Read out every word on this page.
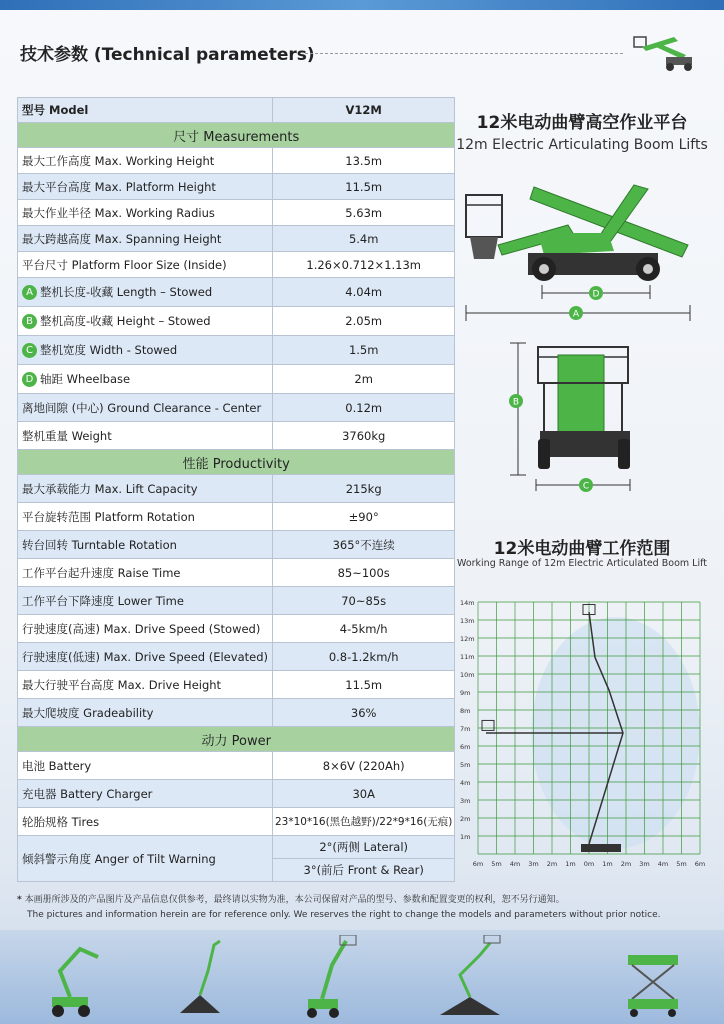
技术参数 (Technical parameters)
型号 Model	V12M
尺寸 Measurements	
最大工作高度 Max. Working Height	13.5m
最大平台高度 Max. Platform Height	11.5m
最大作业半径 Max. Working Radius	5.63m
最大跨越高度 Max. Spanning Height	5.4m
平台尺寸 Platform Floor Size (Inside)	1.26×0.712×1.13m
A 整机长度-收藏 Length – Stowed	4.04m
B 整机高度-收藏 Height – Stowed	2.05m
C 整机宽度 Width - Stowed	1.5m
D 轴距 Wheelbase	2m
离地间隙 (中心) Ground Clearance - Center	0.12m
整机重量 Weight	3760kg
性能 Productivity	
最大承载能力 Max. Lift Capacity	215kg
平台旋转范围 Platform Rotation	±90°
转台回转 Turntable Rotation	365°不连续
工作平台起升速度 Raise Time	85~100s
工作平台下降速度 Lower Time	70~85s
行驶速度(高速) Max. Drive Speed (Stowed)	4-5km/h
行驶速度(低速) Max. Drive Speed (Elevated)	0.8-1.2km/h
最大行驶平台高度 Max. Drive Height	11.5m
最大爬坡度 Gradeability	36%
动力 Power	
电池 Battery	8×6V (220Ah)
充电器 Battery Charger	30A
轮胎规格 Tires	23*10*16(黑色越野)/22*9*16(无痕)
倾斜警示角度 Anger of Tilt Warning	2°(两侧 Lateral)
	3°(前后 Front & Rear)
12米电动曲臂高空作业平台
12m Electric Articulating Boom Lifts
D
A
B
C
12米电动曲臂工作范围
Working Range of 12m Electric Articulated Boom Lift
14m
13m
12m
11m
10m
9m
8m
7m
6m
5m
4m
3m
2m
1m
6m 5m 4m 3m 2m 1m 0m 1m 2m 3m 4m 5m 6m
* 本画册所涉及的产品图片及产品信息仅供参考，最终请以实物为准，本公司保留对产品的型号、参数和配置变更的权利，恕不另行通知。
The pictures and information herein are for reference only. We reserves the right to change the models and parameters without prior notice.
